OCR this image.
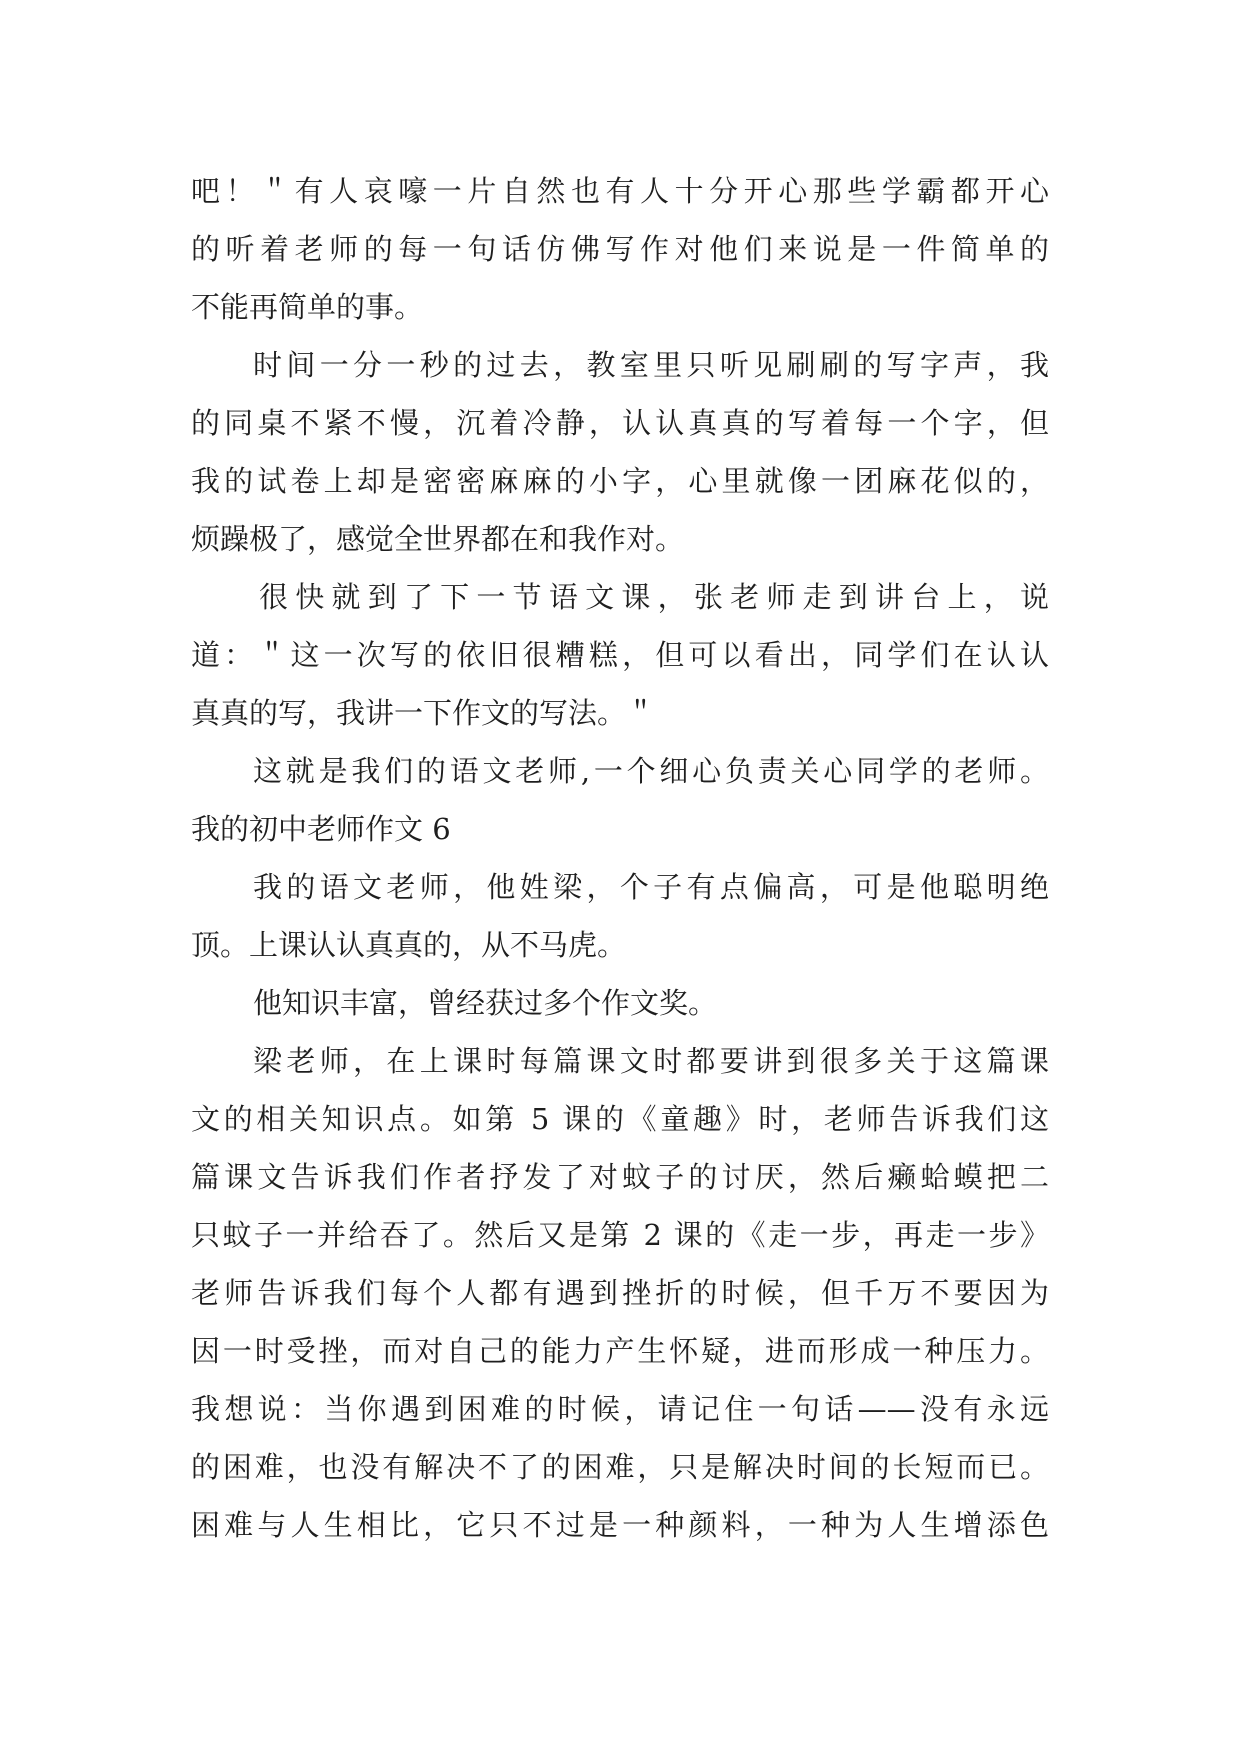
吧！＂有人哀嚎一片自然也有人十分开心那些学霸都开心
的听着老师的每一句话仿佛写作对他们来说是一件简单的
不能再简单的事。
时间一分一秒的过去，教室里只听见刷刷的写字声，我
的同桌不紧不慢，沉着冷静，认认真真的写着每一个字，但
我的试卷上却是密密麻麻的小字，心里就像一团麻花似的，
烦躁极了，感觉全世界都在和我作对。
很快就到了下一节语文课，张老师走到讲台上，说
道：＂这一次写的依旧很糟糕，但可以看出，同学们在认认
真真的写，我讲一下作文的写法。＂
这就是我们的语文老师,一个细心负责关心同学的老师。
我的初中老师作文 6
我的语文老师，他姓梁，个子有点偏高，可是他聪明绝
顶。上课认认真真的，从不马虎。
他知识丰富，曾经获过多个作文奖。
梁老师，在上课时每篇课文时都要讲到很多关于这篇课
文的相关知识点。如第 5 课的《童趣》时，老师告诉我们这
篇课文告诉我们作者抒发了对蚊子的讨厌，然后癞蛤蟆把二
只蚊子一并给吞了。然后又是第 2 课的《走一步，再走一步》
老师告诉我们每个人都有遇到挫折的时候，但千万不要因为
因一时受挫，而对自己的能力产生怀疑，进而形成一种压力。
我想说：当你遇到困难的时候，请记住一句话——没有永远
的困难，也没有解决不了的困难，只是解决时间的长短而已。
困难与人生相比，它只不过是一种颜料，一种为人生增添色
